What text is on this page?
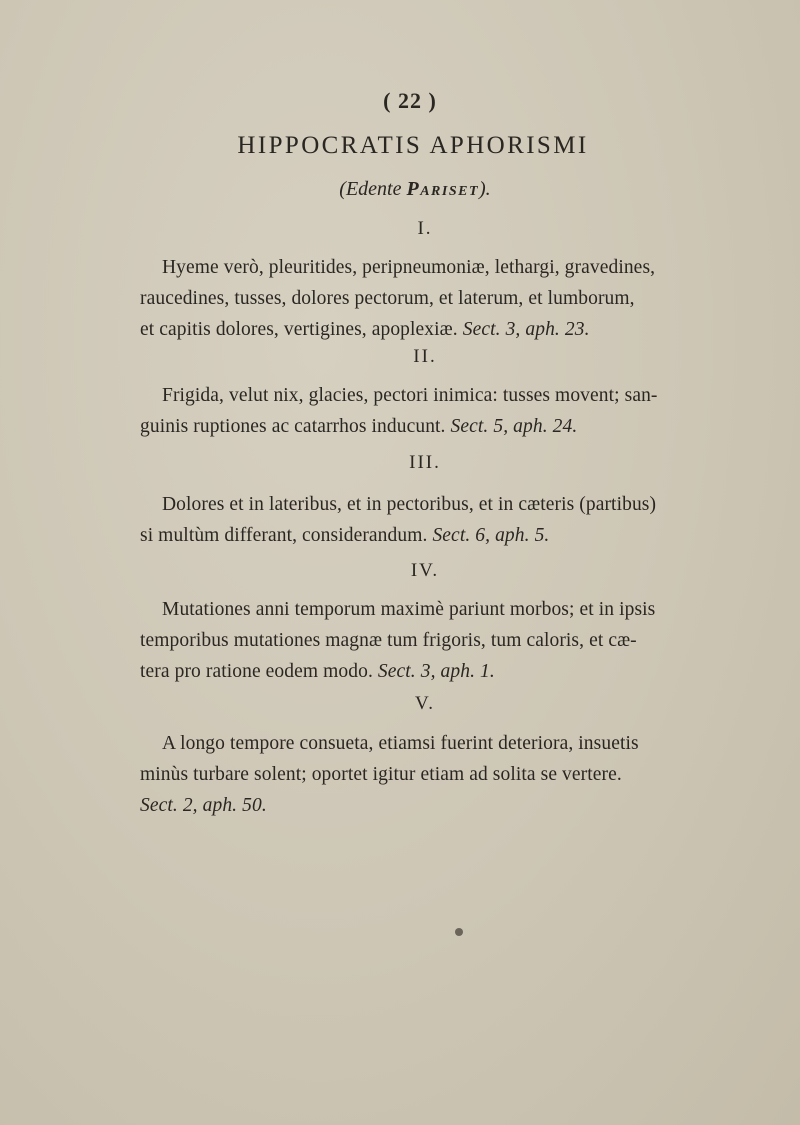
( 22 )
HIPPOCRATIS APHORISMI
(Edente Pariset).
I.
Hyeme verò, pleuritides, peripneumoniæ, lethargi, gravedines,
raucedines, tusses, dolores pectorum, et laterum, et lumborum,
et capitis dolores, vertigines, apoplexiæ. Sect. 3, aph. 23.
II.
Frigida, velut nix, glacies, pectori inimica: tusses movent; san-
guinis ruptiones ac catarrhos inducunt. Sect. 5, aph. 24.
III.
Dolores et in lateribus, et in pectoribus, et in cæteris (partibus)
si multùm differant, considerandum. Sect. 6, aph. 5.
IV.
Mutationes anni temporum maximè pariunt morbos; et in ipsis
temporibus mutationes magnæ tum frigoris, tum caloris, et cæ-
tera pro ratione eodem modo. Sect. 3, aph. 1.
V.
A longo tempore consueta, etiamsi fuerint deteriora, insuetis
minùs turbare solent; oportet igitur etiam ad solita se vertere.
Sect. 2, aph. 50.
